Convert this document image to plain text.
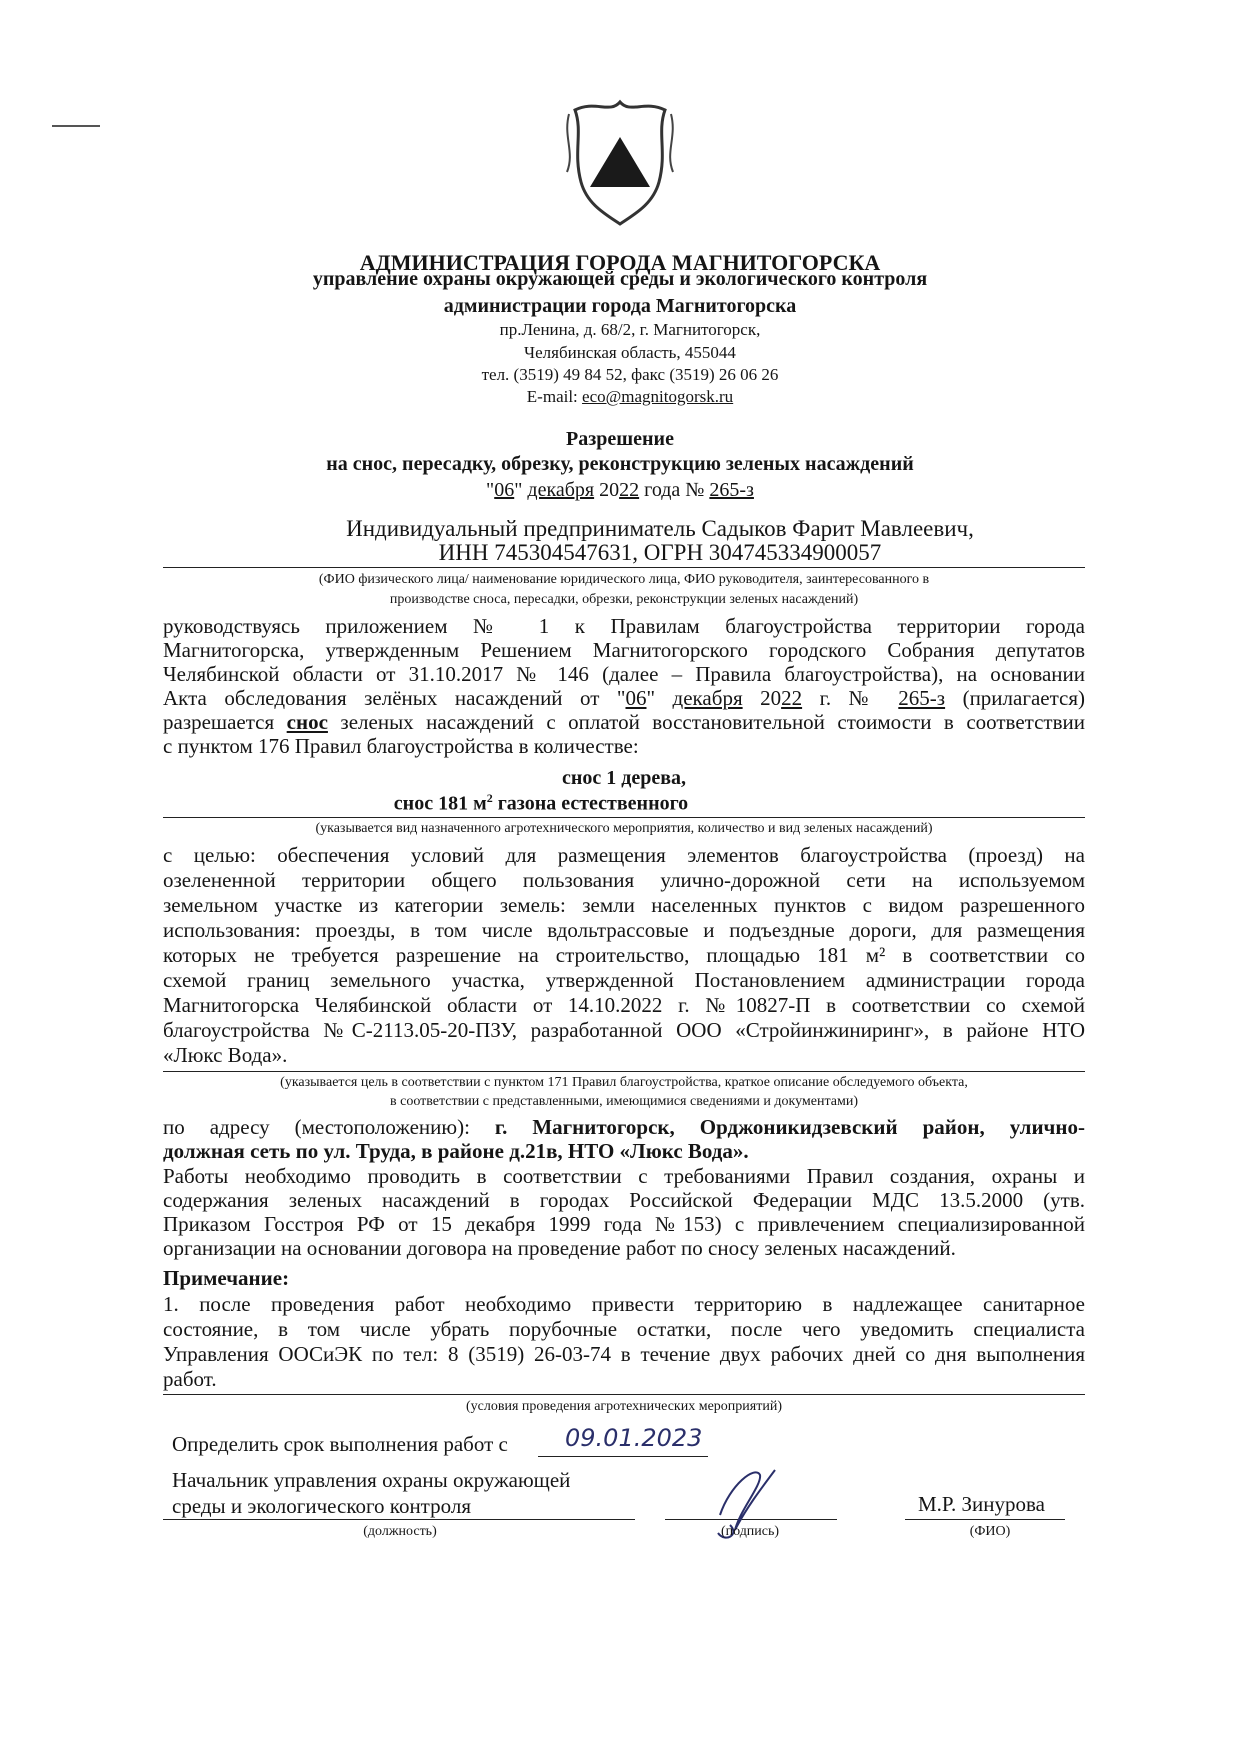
АДМИНИСТРАЦИЯ ГОРОДА МАГНИТОГОРСКА
управление охраны окружающей среды и экологического контроля
администрации города Магнитогорска
пр.Ленина, д. 68/2, г. Магнитогорск,
Челябинская область, 455044
тел. (3519) 49 84 52, факс (3519) 26 06 26
E-mail: eco@magnitogorsk.ru
Разрешение
на снос, пересадку, обрезку, реконструкцию зеленых насаждений
"06" декабря 2022 года № 265-з
Индивидуальный предприниматель Садыков Фарит Мавлеевич,
ИНН 745304547631, ОГРН 304745334900057
(ФИО физического лица/ наименование юридического лица, ФИО руководителя, заинтересованного в
производстве сноса, пересадки, обрезки, реконструкции зеленых насаждений)
руководствуясь приложением № 1 к Правилам благоустройства территории города
Магнитогорска, утвержденным Решением Магнитогорского городского Собрания депутатов
Челябинской области от 31.10.2017 № 146 (далее – Правила благоустройства), на основании
Акта обследования зелёных насаждений от "06" декабря 2022 г. № 265-з (прилагается)
разрешается снос зеленых насаждений с оплатой восстановительной стоимости в соответствии
с пунктом 176 Правил благоустройства в количестве:
снос 1 дерева,
снос 181 $м^2$ газона естественного
(указывается вид назначенного агротехнического мероприятия, количество и вид зеленых насаждений)
с целью: обеспечения условий для размещения элементов благоустройства (проезд) на
озелененной территории общего пользования улично-дорожной сети на используемом
земельном участке из категории земель: земли населенных пунктов с видом разрешенного
использования: проезды, в том числе вдольтрассовые и подъездные дороги, для размещения
которых не требуется разрешение на строительство, площадью 181 м² в соответствии со
схемой границ земельного участка, утвержденной Постановлением администрации города
Магнитогорска Челябинской области от 14.10.2022 г. №10827-П в соответствии со схемой
благоустройства №С-2113.05-20-ПЗУ, разработанной ООО «Стройинжиниринг», в районе НТО
«Люкс Вода».
(указывается цель в соответствии с пунктом 171 Правил благоустройства, краткое описание обследуемого объекта,
в соответствии с представленными, имеющимися сведениями и документами)
по адресу (местоположению): г. Магнитогорск, Орджоникидзевский район, улично-
должная сеть по ул. Труда, в районе д.21в, НТО «Люкс Вода».
Работы необходимо проводить в соответствии с требованиями Правил создания, охраны и
содержания зеленых насаждений в городах Российской Федерации МДС 13.5.2000 (утв.
Приказом Госстроя РФ от 15 декабря 1999 года №153) с привлечением специализированной
организации на основании договора на проведение работ по сносу зеленых насаждений.
Примечание:
1. после проведения работ необходимо привести территорию в надлежащее санитарное
состояние, в том числе убрать порубочные остатки, после чего уведомить специалиста
Управления ООСиЭК по тел: 8 (3519) 26-03-74 в течение двух рабочих дней со дня выполнения
работ.
(условия проведения агротехнических мероприятий)
Определить срок выполнения работ с 09.01.2023
Начальник управления охраны окружающей
среды и экологического контроля	М.Р. Зинурова
(должность)	(подпись)	(ФИО)
